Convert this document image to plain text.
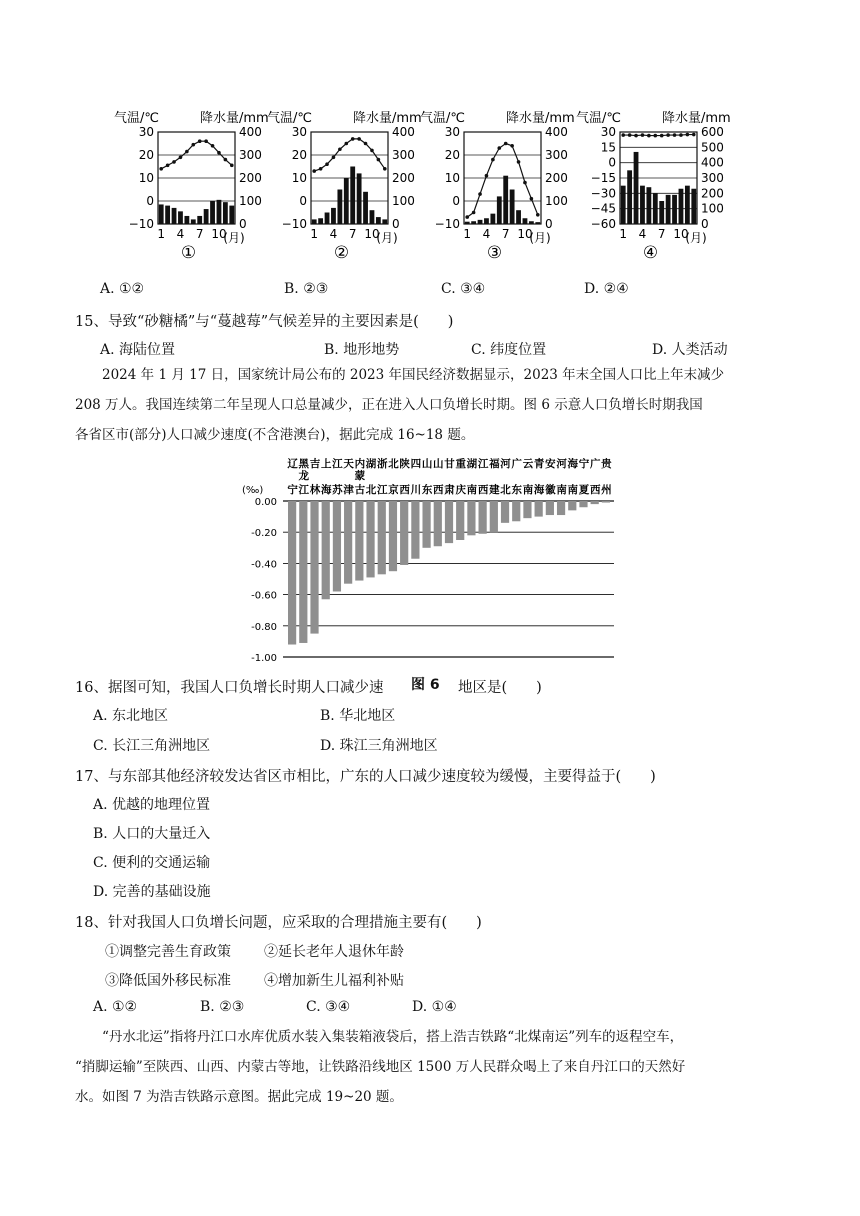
气温/℃	降水量/mm
30
20
10
0
−10
400
300
200
100
0
1 4 7 10
(月)
①
气温/℃	降水量/mm
30
20
10
0
−10
400
300
200
100
0
1 4 7 10
(月)
②
气温/℃	降水量/mm
30
20
10
0
−10
400
300
200
100
0
1 4 7 10
(月)
③
气温/℃	降水量/mm
30
15
0
−15
−30
−45
−60
600
500
400
300
200
100
0
1 4 7 10
(月)
④
A. ①②	B. ②③	C. ③④	D. ②④
15、导致“砂糖橘”与“蔓越莓”气候差异的主要因素是(　　)
A. 海陆位置	B. 地形地势	C. 纬度位置	D. 人类活动
2024 年 1 月 17 日，国家统计局公布的 2023 年国民经济数据显示，2023 年末全国人口比上年末减少
208 万人。我国连续第二年呈现人口总量减少，正在进入人口负增长时期。图 6 示意人口负增长时期我国
各省区市(部分)人口减少速度(不含港澳台)，据此完成 16~18 题。
(‰)
0.00
-0.20
-0.40
-0.60
-0.80
-1.00
辽 黑 吉 上 江 天 内 湖 浙 北 陕 四 山 山 甘 重 湖 江 福 河 广 云 青 安 河 海 宁 广 贵
龙	蒙
宁 江 林 海 苏 津 古 北 江 京 西 川 东 西 肃 庆 南 西 建 北 东 南 海 徽 南 南 夏 西 州
16、据图可知，我国人口负增长时期人口减少速 图 6 地区是(　　)
A. 东北地区	B. 华北地区
C. 长江三角洲地区	D. 珠江三角洲地区
17、与东部其他经济较发达省区市相比，广东的人口减少速度较为缓慢，主要得益于(　　)
A. 优越的地理位置
B. 人口的大量迁入
C. 便利的交通运输
D. 完善的基础设施
18、针对我国人口负增长问题，应采取的合理措施主要有(　　)
①调整完善生育政策 ②延长老年人退休年龄
③降低国外移民标准 ④增加新生儿福利补贴
A. ①②	B. ②③	C. ③④	D. ①④
“丹水北运”指将丹江口水库优质水装入集装箱液袋后，搭上浩吉铁路“北煤南运”列车的返程空车，
“捎脚运输”至陕西、山西、内蒙古等地，让铁路沿线地区 1500 万人民群众喝上了来自丹江口的天然好
水。如图 7 为浩吉铁路示意图。据此完成 19~20 题。
